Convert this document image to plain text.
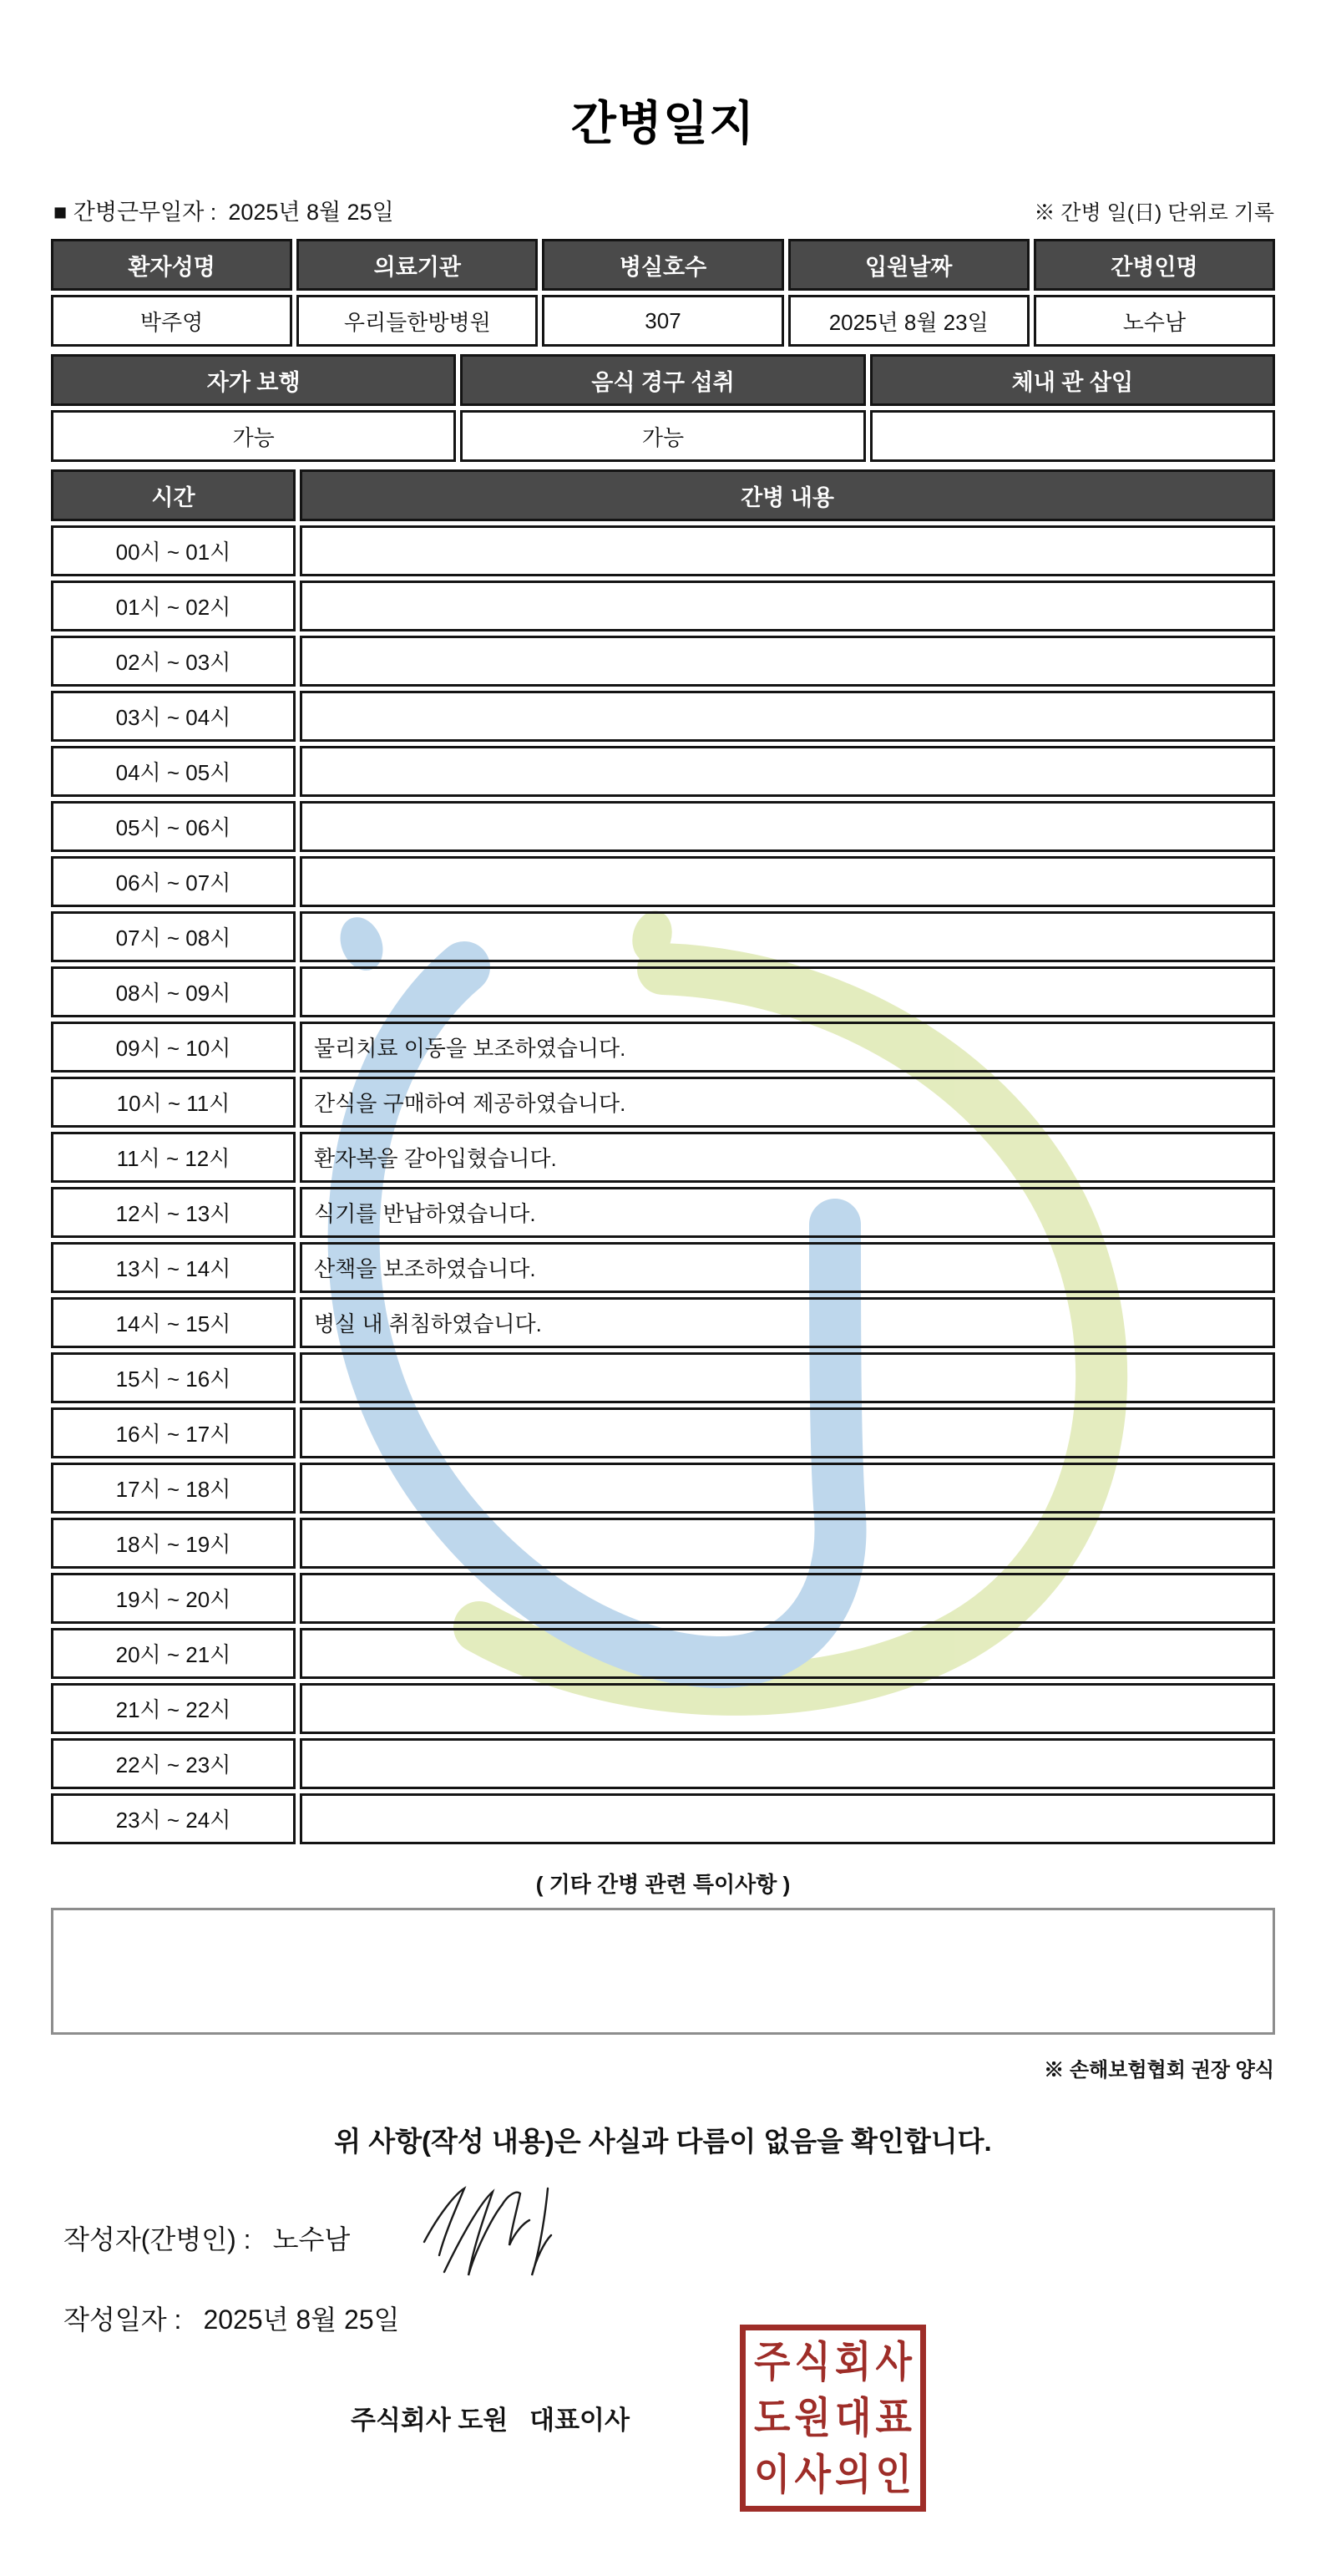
간병일지
■ 간병근무일자 : 2025년 8월 25일	※ 간병 일(日) 단위로 기록
환자성명	의료기관	병실호수	입원날짜	간병인명
박주영	우리들한방병원	307	2025년 8월 23일	노수남
자가 보행	음식 경구 섭취	체내 관 삽입
가능	가능
시간	간병 내용
00시 ~ 01시
01시 ~ 02시
02시 ~ 03시
03시 ~ 04시
04시 ~ 05시
05시 ~ 06시
06시 ~ 07시
07시 ~ 08시
08시 ~ 09시
09시 ~ 10시	물리치료 이동을 보조하였습니다.
10시 ~ 11시	간식을 구매하여 제공하였습니다.
11시 ~ 12시	환자복을 갈아입혔습니다.
12시 ~ 13시	식기를 반납하였습니다.
13시 ~ 14시	산책을 보조하였습니다.
14시 ~ 15시	병실 내 취침하였습니다.
15시 ~ 16시
16시 ~ 17시
17시 ~ 18시
18시 ~ 19시
19시 ~ 20시
20시 ~ 21시
21시 ~ 22시
22시 ~ 23시
23시 ~ 24시
( 기타 간병 관련 특이사항 )
※ 손해보험협회 권장 양식
위 사항(작성 내용)은 사실과 다름이 없음을 확인합니다.
작성자(간병인) : 노수남
작성일자 : 2025년 8월 25일
주식회사 도원   대표이사
주식회사
도원대표
이사의인
